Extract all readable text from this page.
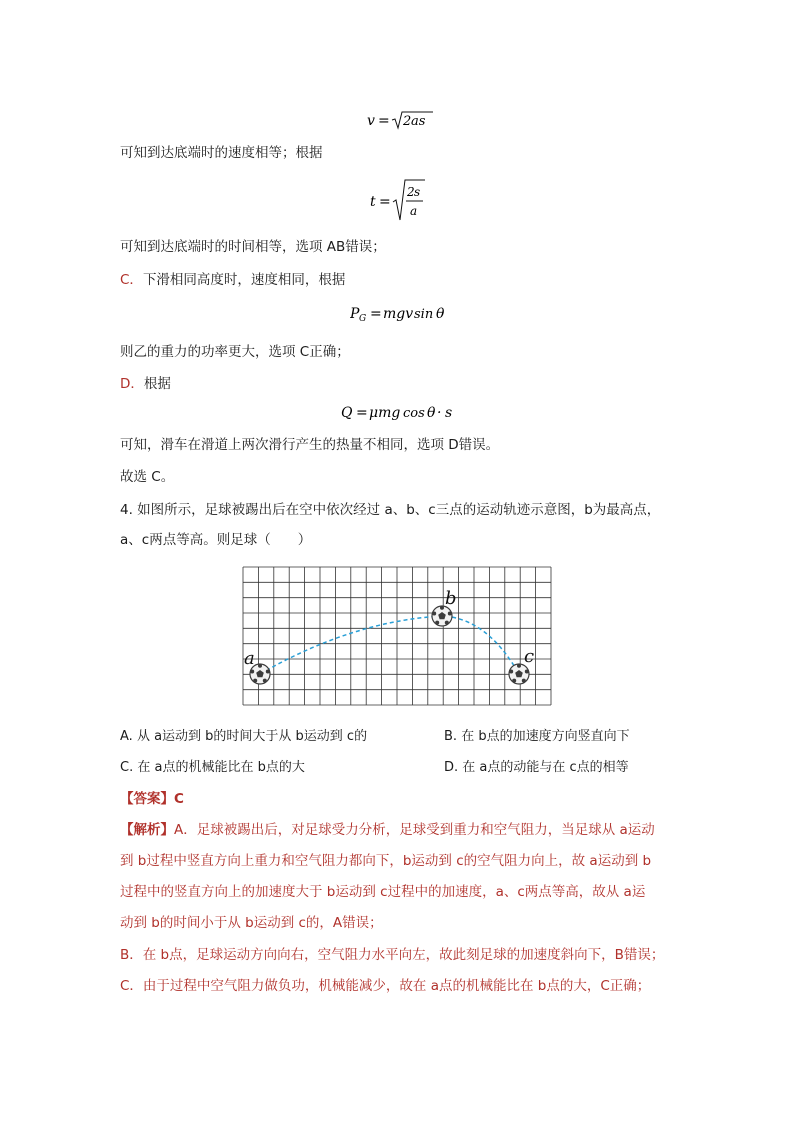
v = 2 as
可知到达底端时的速度相等；根据
t =
2 s
a
可知到达底端时的时间相等，选项 AB错误；
C．下滑相同高度时，速度相同，根据
P G = mgv sin θ
则乙的重力的功率更大，选项 C正确；
D．根据
Q = μmg cos θ · s
可知，滑车在滑道上两次滑行产生的热量不相同，选项 D错误。
故选 C。
4. 如图所示，足球被踢出后在空中依次经过 a、b、c三点的运动轨迹示意图，b为最高点，
a、c两点等高。则足球（　　）
a
b
c
A. 从 a运动到 b的时间大于从 b运动到 c的	B. 在 b点的加速度方向竖直向下
C. 在 a点的机械能比在 b点的大	D. 在 a点的动能与在 c点的相等
【答案】C
【解析】A．足球被踢出后，对足球受力分析，足球受到重力和空气阻力，当足球从 a运动
到 b过程中竖直方向上重力和空气阻力都向下，b运动到 c的空气阻力向上，故 a运动到 b
过程中的竖直方向上的加速度大于 b运动到 c过程中的加速度，a、c两点等高，故从 a运
动到 b的时间小于从 b运动到 c的，A错误；
B．在 b点，足球运动方向向右，空气阻力水平向左，故此刻足球的加速度斜向下，B错误；
C．由于过程中空气阻力做负功，机械能减少，故在 a点的机械能比在 b点的大，C正确；
